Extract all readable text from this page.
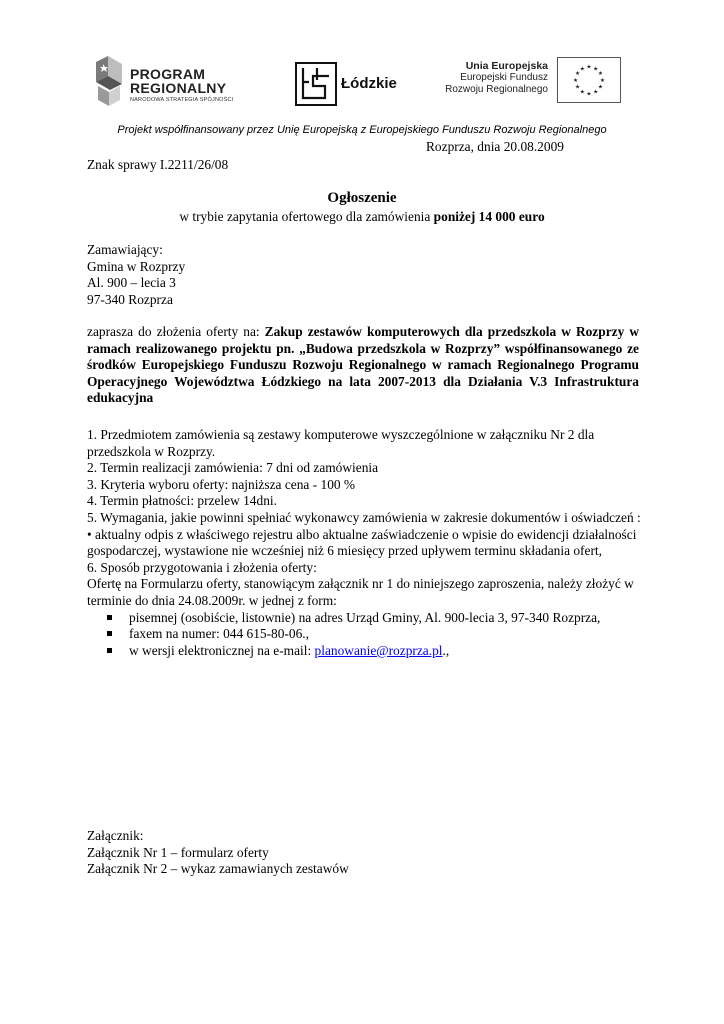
PROGRAM
REGIONALNY
NARODOWA STRATEGIA SPÓJNOŚCI
Łódzkie
Unia Europejska
Europejski Fundusz
Rozwoju Regionalnego
★ ★
★
★
★
★
★
★
★
★
★
★
Projekt współfinansowany przez Unię Europejską z Europejskiego Funduszu Rozwoju Regionalnego
Rozprza, dnia 20.08.2009
Znak sprawy I.2211/26/08
Ogłoszenie
w trybie zapytania ofertowego dla zamówienia poniżej 14 000 euro
Zamawiający:
Gmina w Rozprzy
Al. 900 – lecia 3
97-340 Rozprza
zaprasza do złożenia oferty na: Zakup zestawów komputerowych dla przedszkola w Rozprzy w ramach realizowanego projektu pn. „Budowa przedszkola w Rozprzy” współfinansowanego ze środków Europejskiego Funduszu Rozwoju Regionalnego w ramach Regionalnego Programu Operacyjnego Województwa Łódzkiego na lata 2007-2013 dla Działania V.3 Infrastruktura edukacyjna

1. Przedmiotem zamówienia są zestawy komputerowe wyszczególnione w załączniku Nr 2 dla przedszkola w Rozprzy.

2. Termin realizacji zamówienia: 7 dni od zamówienia

3. Kryteria wyboru oferty: najniższa cena - 100 %

4. Termin płatności: przelew 14dni.

5. Wymagania, jakie powinni spełniać wykonawcy zamówienia w zakresie dokumentów i oświadczeń :

• aktualny odpis z właściwego rejestru albo aktualne zaświadczenie o wpisie do ewidencji działalności gospodarczej, wystawione nie wcześniej niż 6 miesięcy przed upływem terminu składania ofert,

6. Sposób przygotowania i złożenia oferty:

Ofertę na Formularzu oferty, stanowiącym załącznik nr 1 do niniejszego zaproszenia, należy złożyć w terminie do dnia 24.08.2009r. w jednej z form:

pisemnej (osobiście, listownie) na adres Urząd Gminy, Al. 900-lecia 3, 97-340 Rozprza,
faxem na numer: 044 615-80-06.,
w wersji elektronicznej na e-mail: planowanie@rozprza.pl.,

Załącznik:

Załącznik Nr 1 – formularz oferty

Załącznik Nr 2 – wykaz zamawianych zestawów
